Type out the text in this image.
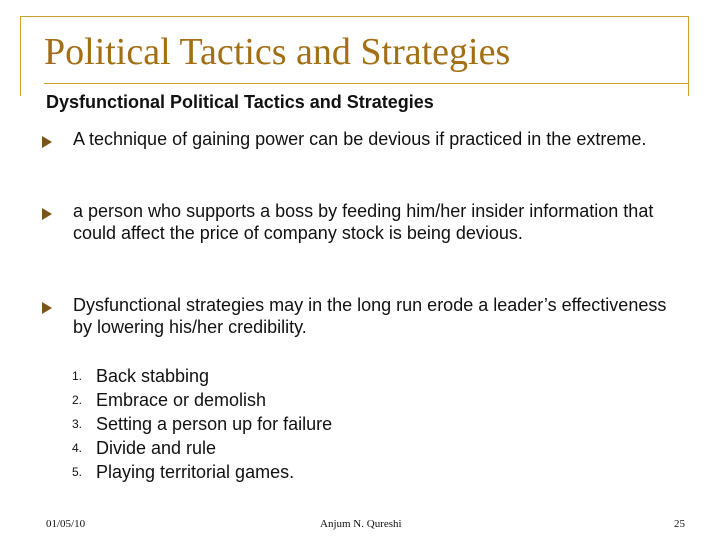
Political Tactics and Strategies
Dysfunctional Political Tactics and Strategies
A technique of gaining power can be devious if practiced in the extreme.
a person who supports a boss by feeding him/her insider information that could affect the price of company stock is being devious.
Dysfunctional strategies may in the long run erode a leader’s effectiveness by lowering his/her credibility.
1. Back stabbing
2. Embrace or demolish
3. Setting a person up for failure
4. Divide and rule
5. Playing territorial games.
01/05/10	Anjum N. Qureshi	25
